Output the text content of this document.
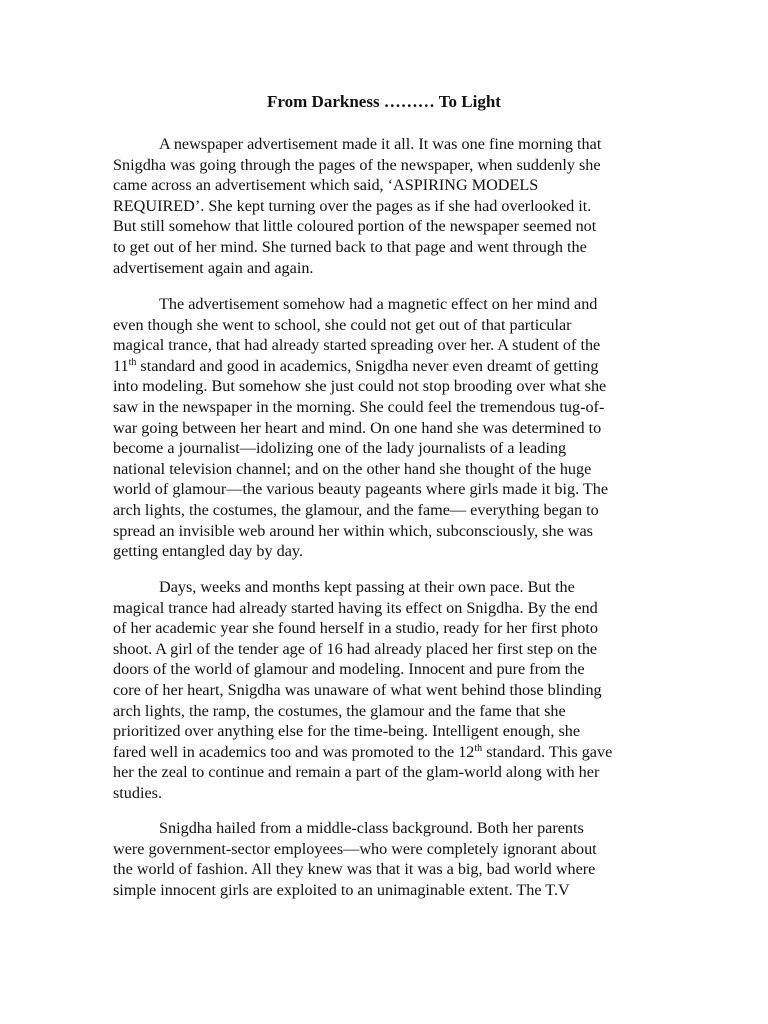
From Darkness ……… To Light
A newspaper advertisement made it all. It was one fine morning that
Snigdha was going through the pages of the newspaper, when suddenly she
came across an advertisement which said, ‘ASPIRING MODELS
REQUIRED’. She kept turning over the pages as if she had overlooked it.
But still somehow that little coloured portion of the newspaper seemed not
to get out of her mind. She turned back to that page and went through the
advertisement again and again.
The advertisement somehow had a magnetic effect on her mind and
even though she went to school, she could not get out of that particular
magical trance, that had already started spreading over her. A student of the
11th standard and good in academics, Snigdha never even dreamt of getting
into modeling. But somehow she just could not stop brooding over what she
saw in the newspaper in the morning. She could feel the tremendous tug-of-
war going between her heart and mind. On one hand she was determined to
become a journalist—idolizing one of the lady journalists of a leading
national television channel; and on the other hand she thought of the huge
world of glamour—the various beauty pageants where girls made it big. The
arch lights, the costumes, the glamour, and the fame— everything began to
spread an invisible web around her within which, subconsciously, she was
getting entangled day by day.
Days, weeks and months kept passing at their own pace. But the
magical trance had already started having its effect on Snigdha. By the end
of her academic year she found herself in a studio, ready for her first photo
shoot. A girl of the tender age of 16 had already placed her first step on the
doors of the world of glamour and modeling. Innocent and pure from the
core of her heart, Snigdha was unaware of what went behind those blinding
arch lights, the ramp, the costumes, the glamour and the fame that she
prioritized over anything else for the time-being. Intelligent enough, she
fared well in academics too and was promoted to the 12th standard. This gave
her the zeal to continue and remain a part of the glam-world along with her
studies.
Snigdha hailed from a middle-class background. Both her parents
were government-sector employees—who were completely ignorant about
the world of fashion. All they knew was that it was a big, bad world where
simple innocent girls are exploited to an unimaginable extent. The T.V
